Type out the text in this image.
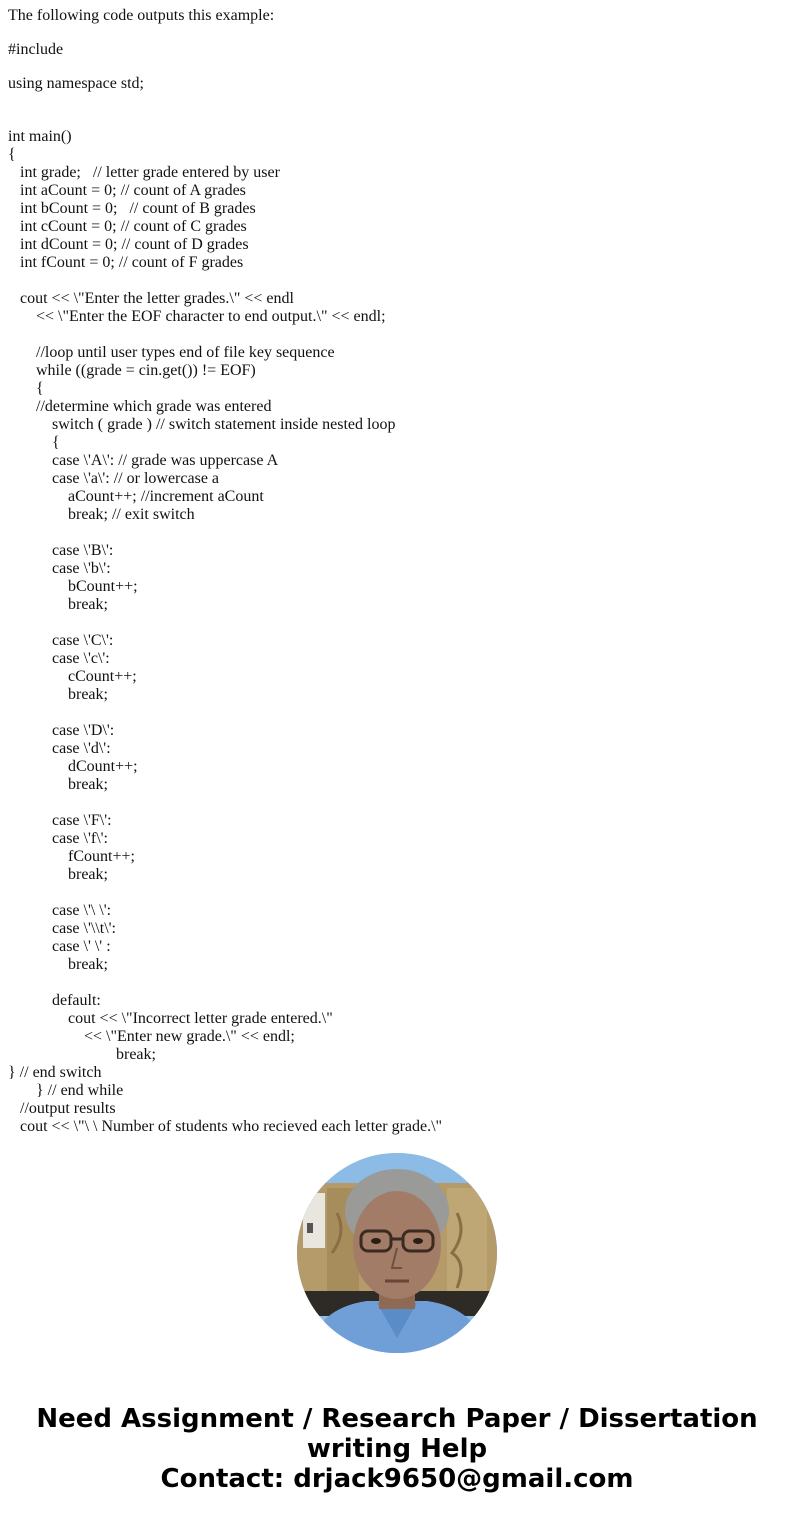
The following code outputs this example:
#include
using namespace std;
int main()
{
int grade;   // letter grade entered by user
int aCount = 0; // count of A grades
int bCount = 0;   // count of B grades
int cCount = 0; // count of C grades
int dCount = 0; // count of D grades
int fCount = 0; // count of F grades
cout << \"Enter the letter grades.\" << endl
<< \"Enter the EOF character to end output.\" << endl;
//loop until user types end of file key sequence
while ((grade = cin.get()) != EOF)
{
//determine which grade was entered
switch ( grade ) // switch statement inside nested loop
{
case \'A\': // grade was uppercase A
case \'a\': // or lowercase a
aCount++; //increment aCount
break; // exit switch
case \'B\':
case \'b\':
bCount++;
break;
case \'C\':
case \'c\':
cCount++;
break;
case \'D\':
case \'d\':
dCount++;
break;
case \'F\':
case \'f\':
fCount++;
break;
case \'\ \':
case \'\\t\':
case \' \' :
break;
default:
cout << \"Incorrect letter grade entered.\"
<< \"Enter new grade.\" << endl;
break;
} // end switch
} // end while
//output results
cout << \"\ \ Number of students who recieved each letter grade.\"
Need Assignment / Research Paper / Dissertation
writing Help
Contact: drjack9650@gmail.com
